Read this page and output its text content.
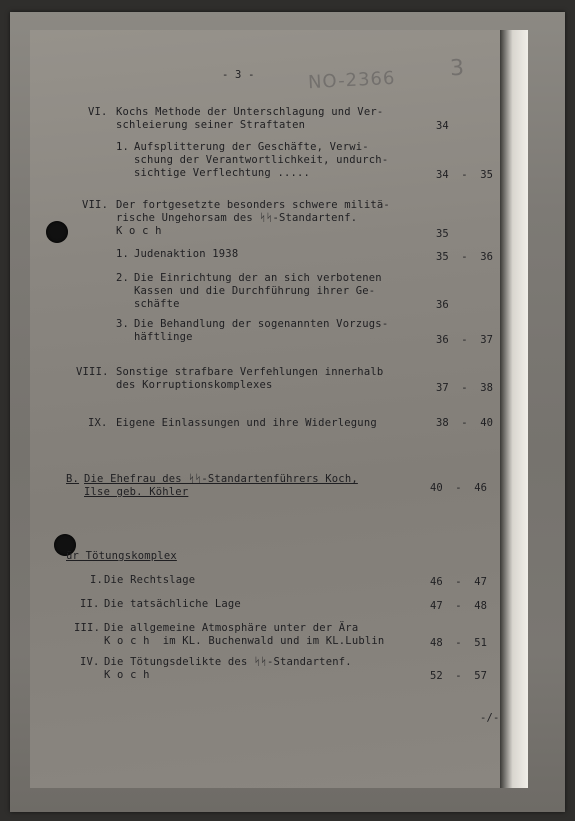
- 3 -	NO-2366 3
VI. Kochs Methode der Unterschlagung und Ver-
schleierung seiner Straftaten	34
1. Aufsplitterung der Geschäfte, Verwi-
schung der Verantwortlichkeit, undurch-
sichtige Verflechtung .....	34  -  35
VII. Der fortgesetzte besonders schwere militä-
rische Ungehorsam des ᛋᛋ-Standartenf.
K o c h	35
1. Judenaktion 1938	35  -  36
2. Die Einrichtung der an sich verbotenen
Kassen und die Durchführung ihrer Ge-
schäfte	36
3. Die Behandlung der sogenannten Vorzugs-
häftlinge	36  -  37
VIII. Sonstige strafbare Verfehlungen innerhalb
des Korruptionskomplexes	37  -  38
IX. Eigene Einlassungen und ihre Widerlegung	38  -  40
B. Die Ehefrau des ᛋᛋ-Standartenführers Koch,
Ilse geb. Köhler	40  -  46
ür Tötungskomplex
I. Die Rechtslage	46  -  47
II. Die tatsächliche Lage	47  -  48
III. Die allgemeine Atmosphäre unter der Ära
K o c h  im KL. Buchenwald und im KL.Lublin	48  -  51
IV. Die Tötungsdelikte des ᛋᛋ-Standartenf.
K o c h	52  -  57
-/-
